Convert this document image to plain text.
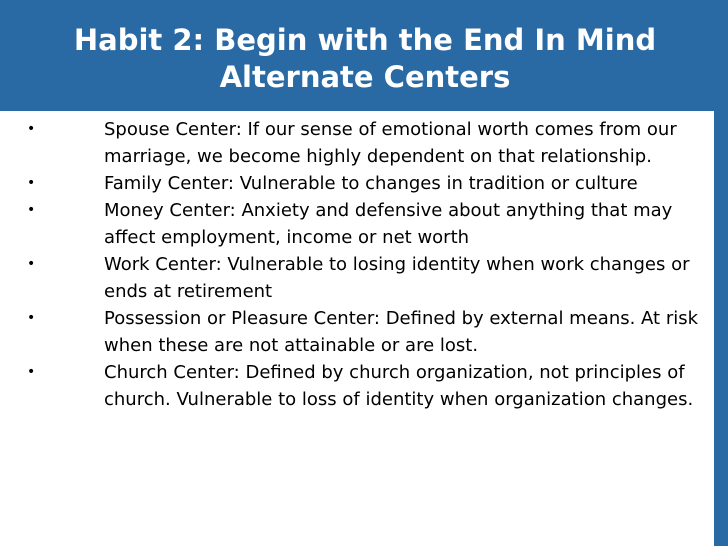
Habit 2: Begin with the End In Mind
Alternate Centers
•	Spouse Center: If our sense of emotional worth comes from our marriage, we become highly dependent on that relationship.
•	Family Center: Vulnerable to changes in tradition or culture
•	Money Center: Anxiety and defensive about anything that may affect employment, income or net worth
•	Work Center: Vulnerable to losing identity when work changes or ends at retirement
•	Possession or Pleasure Center: Defined by external means. At risk when these are not attainable or are lost.
•	Church Center: Defined by church organization, not principles of church. Vulnerable to loss of identity when organization changes.
